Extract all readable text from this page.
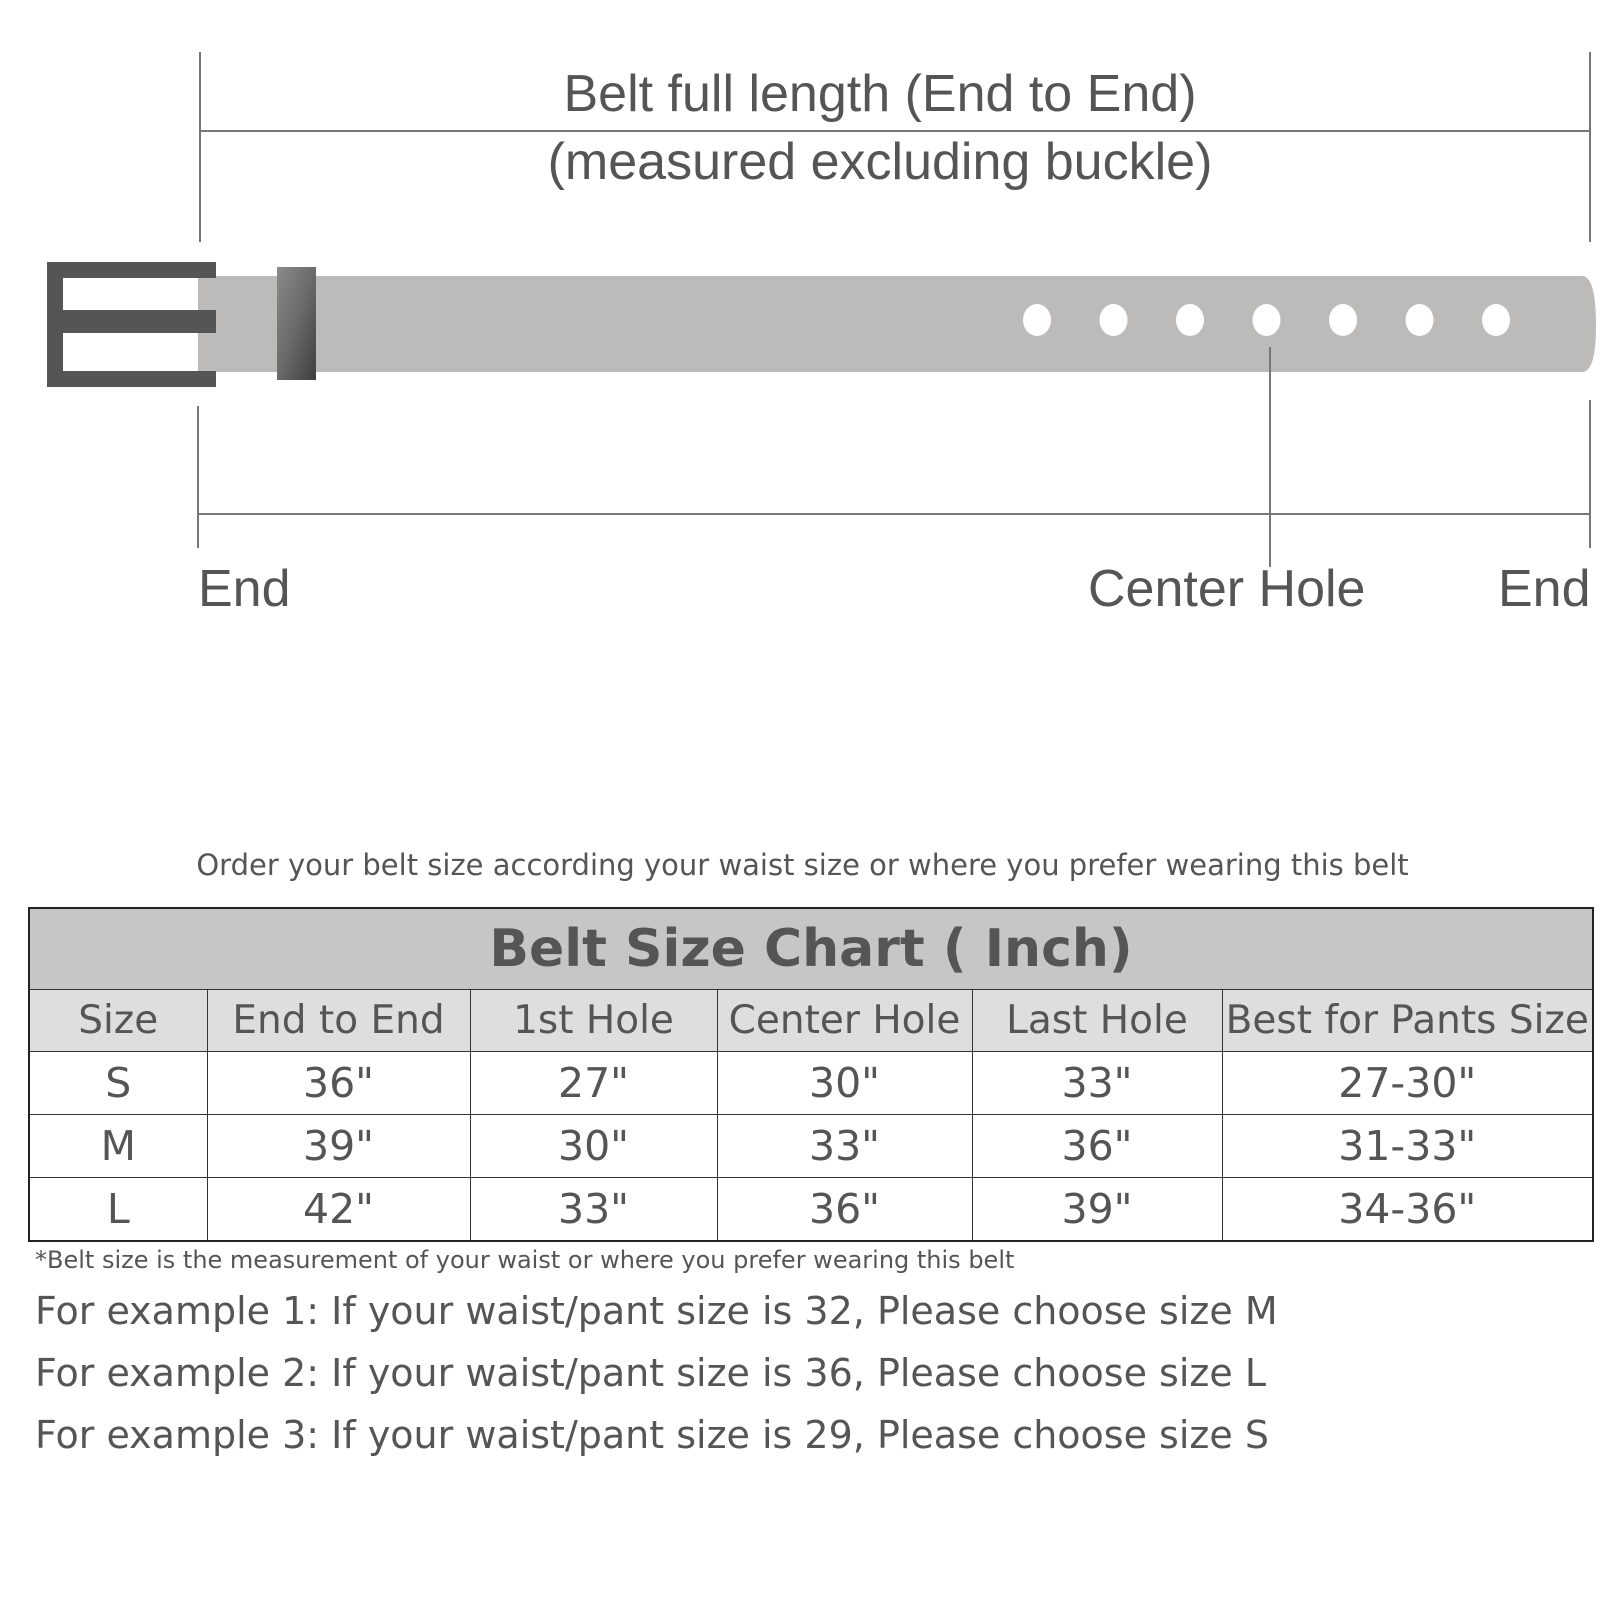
Belt full length (End to End)
(measured excluding buckle)
End	Center Hole	End
Order your belt size according your waist size or where you prefer wearing this belt
Belt Size Chart ( Inch)					
Size	End to End	1st Hole	Center Hole	Last Hole	Best for Pants Size
S	36"	27"	30"	33"	27-30"
M	39"	30"	33"	36"	31-33"
L	42"	33"	36"	39"	34-36"
*Belt size is the measurement of your waist or where you prefer wearing this belt
For example 1: If your waist/pant size is 32, Please choose size M
For example 2: If your waist/pant size is 36, Please choose size L
For example 3: If your waist/pant size is 29, Please choose size S
